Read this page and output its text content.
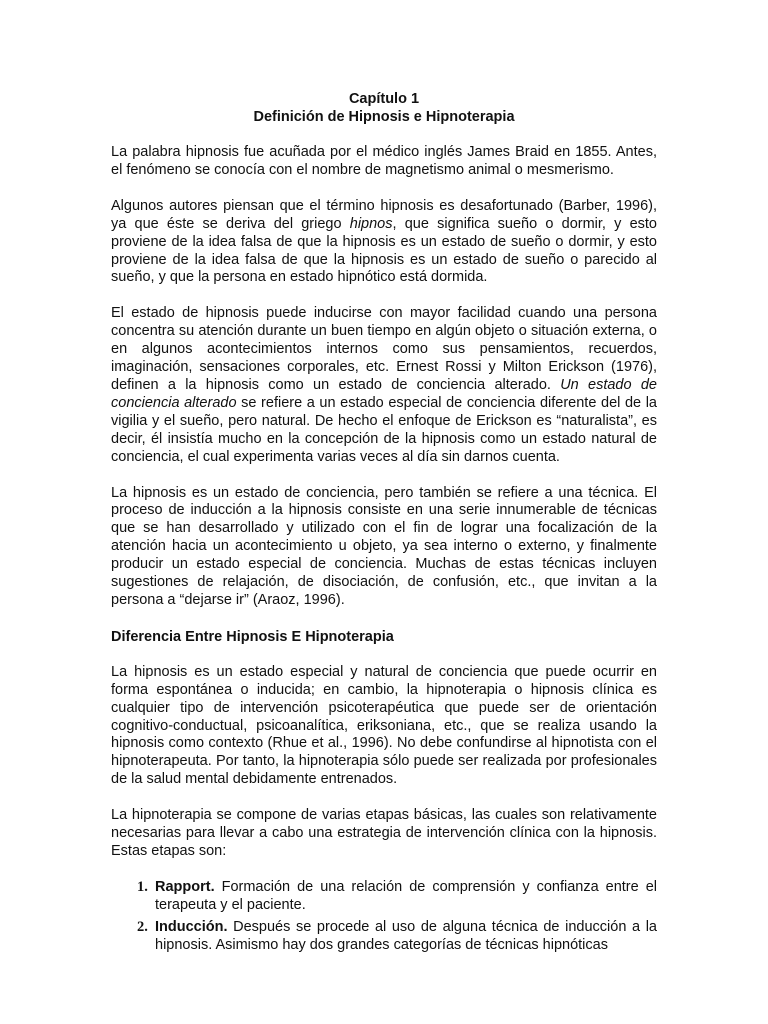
Capítulo 1
Definición de Hipnosis e Hipnoterapia

La palabra hipnosis fue acuñada por el médico inglés James Braid en 1855. Antes, el fenómeno se conocía con el nombre de magnetismo animal o mesmerismo.

Algunos autores piensan que el término hipnosis es desafortunado (Barber, 1996), ya que éste se deriva del griego hipnos, que significa sueño o dormir, y esto proviene de la idea falsa de que la hipnosis es un estado de sueño o dormir, y esto proviene de la idea falsa de que la hipnosis es un estado de sueño o parecido al sueño, y que la persona en estado hipnótico está dormida.

El estado de hipnosis puede inducirse con mayor facilidad cuando una persona concentra su atención durante un buen tiempo en algún objeto o situación externa, o en algunos acontecimientos internos como sus pensamientos, recuerdos, imaginación, sensaciones corporales, etc. Ernest Rossi y Milton Erickson (1976), definen a la hipnosis como un estado de conciencia alterado. Un estado de conciencia alterado se refiere a un estado especial de conciencia diferente del de la vigilia y el sueño, pero natural. De hecho el enfoque de Erickson es “naturalista”, es decir, él insistía mucho en la concepción de la hipnosis como un estado natural de conciencia, el cual experimenta varias veces al día sin darnos cuenta.

La hipnosis es un estado de conciencia, pero también se refiere a una técnica. El proceso de inducción a la hipnosis consiste en una serie innumerable de técnicas que se han desarrollado y utilizado con el fin de lograr una focalización de la atención hacia un acontecimiento u objeto, ya sea interno o externo, y finalmente producir un estado especial de conciencia. Muchas de estas técnicas incluyen sugestiones de relajación, de disociación, de confusión, etc., que invitan a la persona a “dejarse ir” (Araoz, 1996).

Diferencia Entre Hipnosis E Hipnoterapia

La hipnosis es un estado especial y natural de conciencia que puede ocurrir en forma espontánea o inducida; en cambio, la hipnoterapia o hipnosis clínica es cualquier tipo de intervención psicoterapéutica que puede ser de orientación cognitivo-conductual, psicoanalítica, eriksoniana, etc., que se realiza usando la hipnosis como contexto (Rhue et al., 1996). No debe confundirse al hipnotista con el hipnoterapeuta. Por tanto, la hipnoterapia sólo puede ser realizada por profesionales de la salud mental debidamente entrenados.

La hipnoterapia se compone de varias etapas básicas, las cuales son relativamente necesarias para llevar a cabo una estrategia de intervención clínica con la hipnosis. Estas etapas son:

1. Rapport. Formación de una relación de comprensión y confianza entre el terapeuta y el paciente.
2. Inducción. Después se procede al uso de alguna técnica de inducción a la hipnosis. Asimismo hay dos grandes categorías de técnicas hipnóticas
